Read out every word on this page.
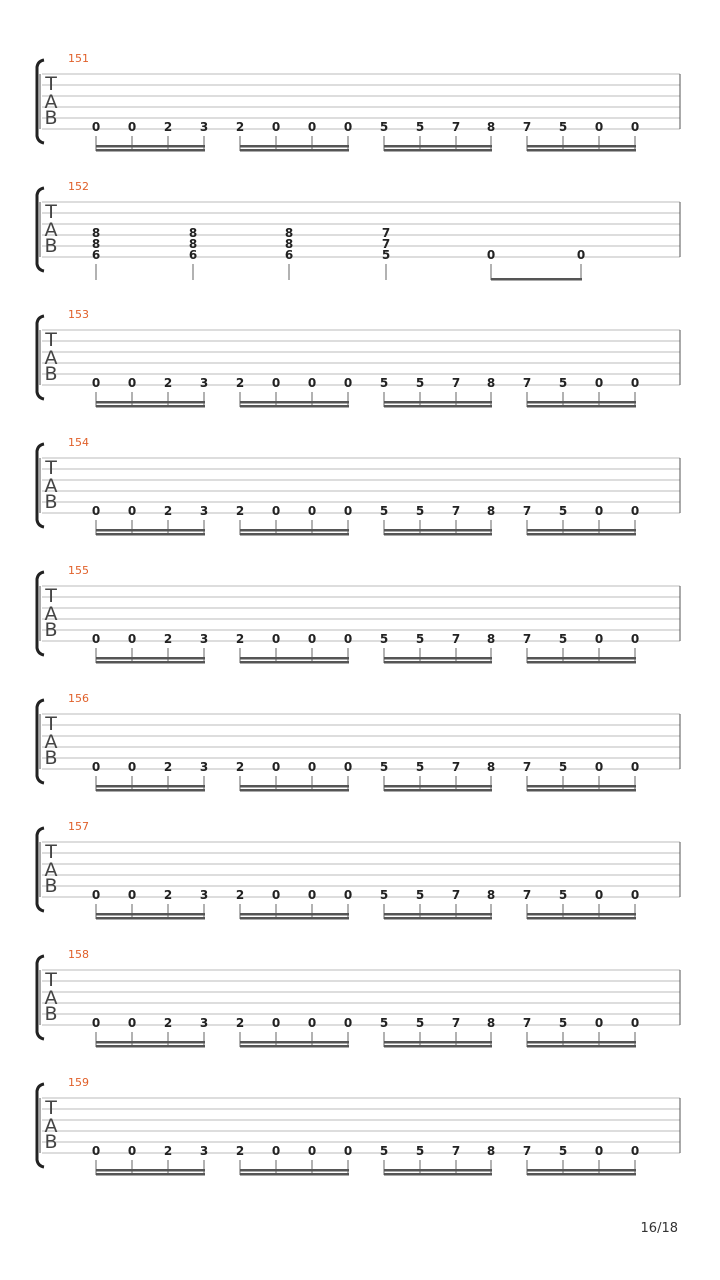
151
T
A
B	0 0 2 3 2 0 0 0 5 5 7 8 7 5 0 0
152
T
A
B
8
8
6
8
8
6
8
8
6
7
7
5	0	0
153
T
A
B	0 0 2 3 2 0 0 0 5 5 7 8 7 5 0 0
154
T
A
B	0 0 2 3 2 0 0 0 5 5 7 8 7 5 0 0
155
T
A
B	0 0 2 3 2 0 0 0 5 5 7 8 7 5 0 0
156
T
A
B	0 0 2 3 2 0 0 0 5 5 7 8 7 5 0 0
157
T
A
B	0 0 2 3 2 0 0 0 5 5 7 8 7 5 0 0
158
T
A
B	0 0 2 3 2 0 0 0 5 5 7 8 7 5 0 0
159
T
A
B	0 0 2 3 2 0 0 0 5 5 7 8 7 5 0 0
16/18
